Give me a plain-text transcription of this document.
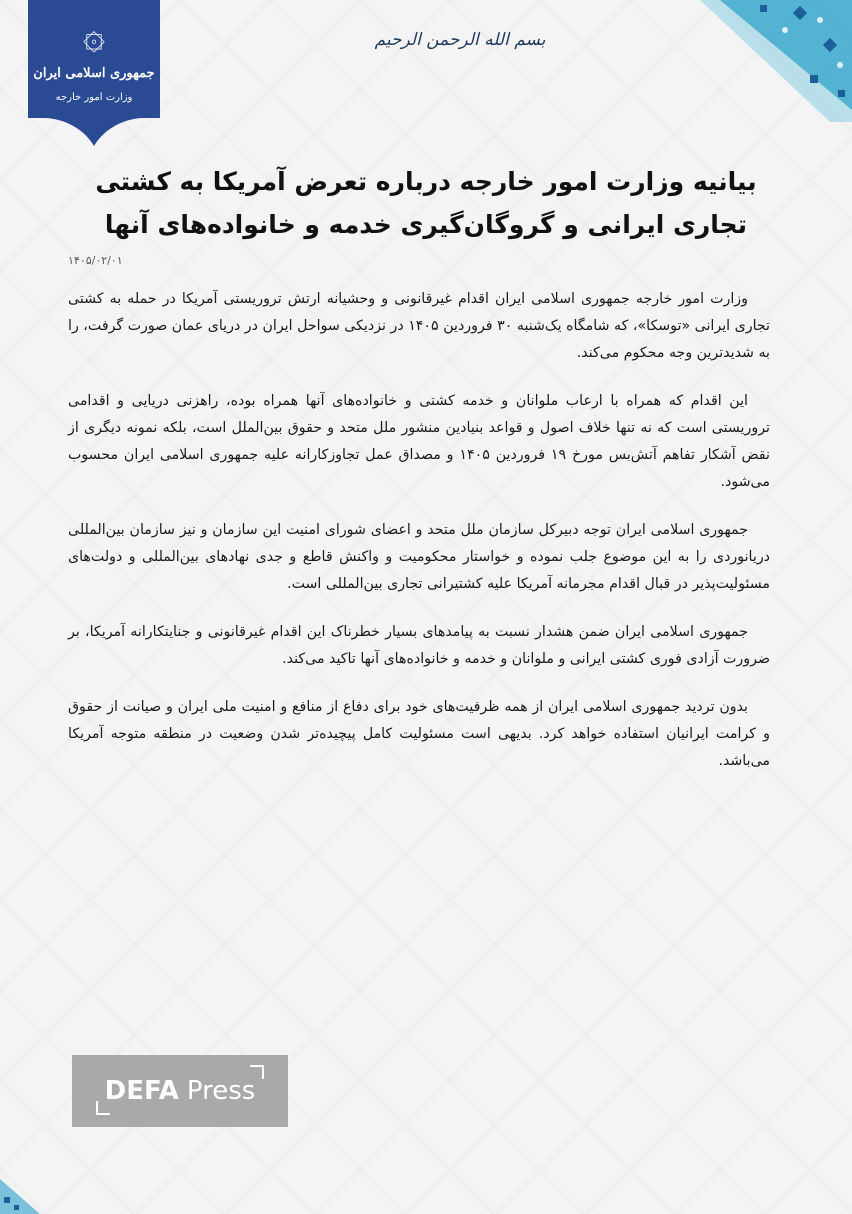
۞
جمهوری اسلامی ایران
وزارت امور خارجه
بسم الله الرحمن الرحیم
بیانیه وزارت امور خارجه درباره تعرض آمریکا به کشتی تجاری ایرانی و گروگان‌گیری خدمه و خانواده‌های آنها
۱۴۰۵/۰۲/۰۱

وزارت امور خارجه جمهوری اسلامی ایران اقدام غیرقانونی و وحشیانه ارتش تروریستی آمریکا در حمله به کشتی تجاری ایرانی «توسکا»، که شامگاه یک‌شنبه ۳۰ فروردین ۱۴۰۵ در نزدیکی سواحل ایران در دریای عمان صورت گرفت، را به شدیدترین وجه محکوم می‌کند.

این اقدام که همراه با ارعاب ملوانان و خدمه کشتی و خانواده‌های آنها همراه بوده، راهزنی دریایی و اقدامی تروریستی است که نه تنها خلاف اصول و قواعد بنیادین منشور ملل متحد و حقوق بین‌الملل است، بلکه نمونه دیگری از نقض آشکار تفاهم آتش‌بس مورخ ۱۹ فروردین ۱۴۰۵ و مصداق عمل تجاوزکارانه علیه جمهوری اسلامی ایران محسوب می‌شود.

جمهوری اسلامی ایران توجه دبیرکل سازمان ملل متحد و اعضای شورای امنیت این سازمان و نیز سازمان بین‌المللی دریانوردی را به این موضوع جلب نموده و خواستار محکومیت و واکنش قاطع و جدی نهادهای بین‌المللی و دولت‌های مسئولیت‌پذیر در قبال اقدام مجرمانه آمریکا علیه کشتیرانی تجاری بین‌المللی است.

جمهوری اسلامی ایران ضمن هشدار نسبت به پیامدهای بسیار خطرناک این اقدام غیرقانونی و جنایتکارانه آمریکا، بر ضرورت آزادی فوری کشتی ایرانی و ملوانان و خدمه و خانواده‌های آنها تاکید می‌کند.

بدون تردید جمهوری اسلامی ایران از همه ظرفیت‌های خود برای دفاع از منافع و امنیت ملی ایران و صیانت از حقوق و کرامت ایرانیان استفاده خواهد کرد. بدیهی است مسئولیت کامل پیچیده‌تر شدن وضعیت در منطقه متوجه آمریکا می‌باشد.

DEFA Press
